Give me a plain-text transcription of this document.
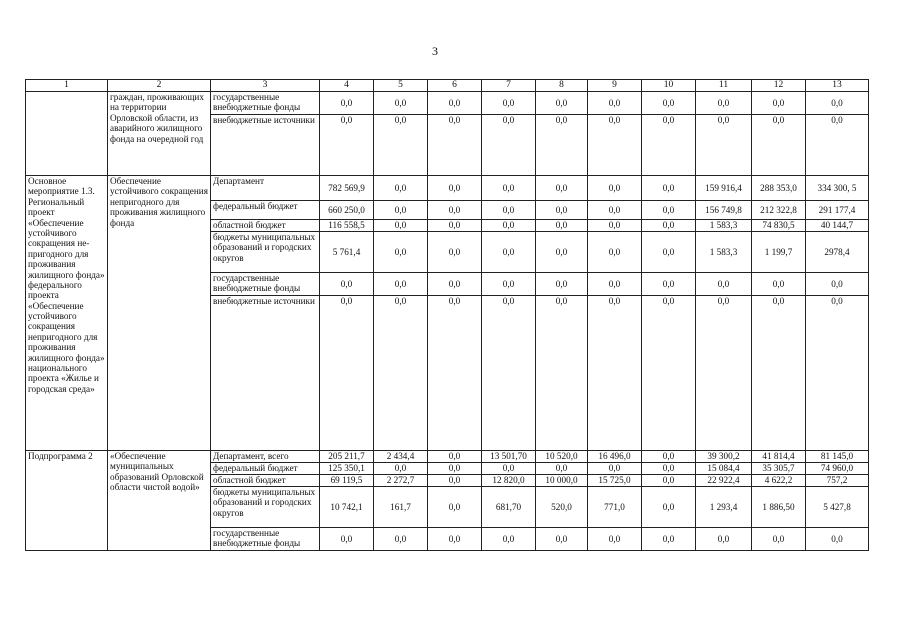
3
1	2	3	4	5	6	7	8	9	10	11	12	13
	граждан, проживающих на территории Орловской области, из аварийного жилищного фонда на очередной год	государственные внебюджетные фонды	0,0	0,0	0,0	0,0	0,0	0,0	0,0	0,0	0,0	0,0
		внебюджетные источники	0,0	0,0	0,0	0,0	0,0	0,0	0,0	0,0	0,0	0,0
Основное мероприятие 1.3. Региональный проект «Обеспечение устойчивого сокращения не-пригодного для проживания жилищного фонда» федерального проекта «Обеспечение устойчивого сокращения непригодного для проживания жилищного фонда» национального проекта «Жилье и городская среда»	Обеспечение устойчивого сокращения непригодного для проживания жилищного фонда	Департамент	782 569,9	0,0	0,0	0,0	0,0	0,0	0,0	159 916,4	288 353,0	334 300, 5
		федеральный бюджет	660 250,0	0,0	0,0	0,0	0,0	0,0	0,0	156 749,8	212 322,8	291 177,4
		областной бюджет	116 558,5	0,0	0,0	0,0	0,0	0,0	0,0	1 583,3	74 830,5	40 144,7
		бюджеты муниципальных образований и городских округов	5 761,4	0,0	0,0	0,0	0,0	0,0	0,0	1 583,3	1 199,7	2978,4
		государственные внебюджетные фонды	0,0	0,0	0,0	0,0	0,0	0,0	0,0	0,0	0,0	0,0
		внебюджетные источники	0,0	0,0	0,0	0,0	0,0	0,0	0,0	0,0	0,0	0,0
Подпрограмма 2	«Обеспечение муниципальных образований Орловской области чистой водой»	Департамент, всего	205 211,7	2 434,4	0,0	13 501,70	10 520,0	16 496,0	0,0	39 300,2	41 814,4	81 145,0
		федеральный бюджет	125 350,1	0,0	0,0	0,0	0,0	0,0	0,0	15 084,4	35 305,7	74 960,0
		областной бюджет	69 119,5	2 272,7	0,0	12 820,0	10 000,0	15 725,0	0,0	22 922,4	4 622,2	757,2
		бюджеты муниципальных образований и городских округов	10 742,1	161,7	0,0	681,70	520,0	771,0	0,0	1 293,4	1 886,50	5 427,8
		государственные внебюджетные фонды	0,0	0,0	0,0	0,0	0,0	0,0	0,0	0,0	0,0	0,0
